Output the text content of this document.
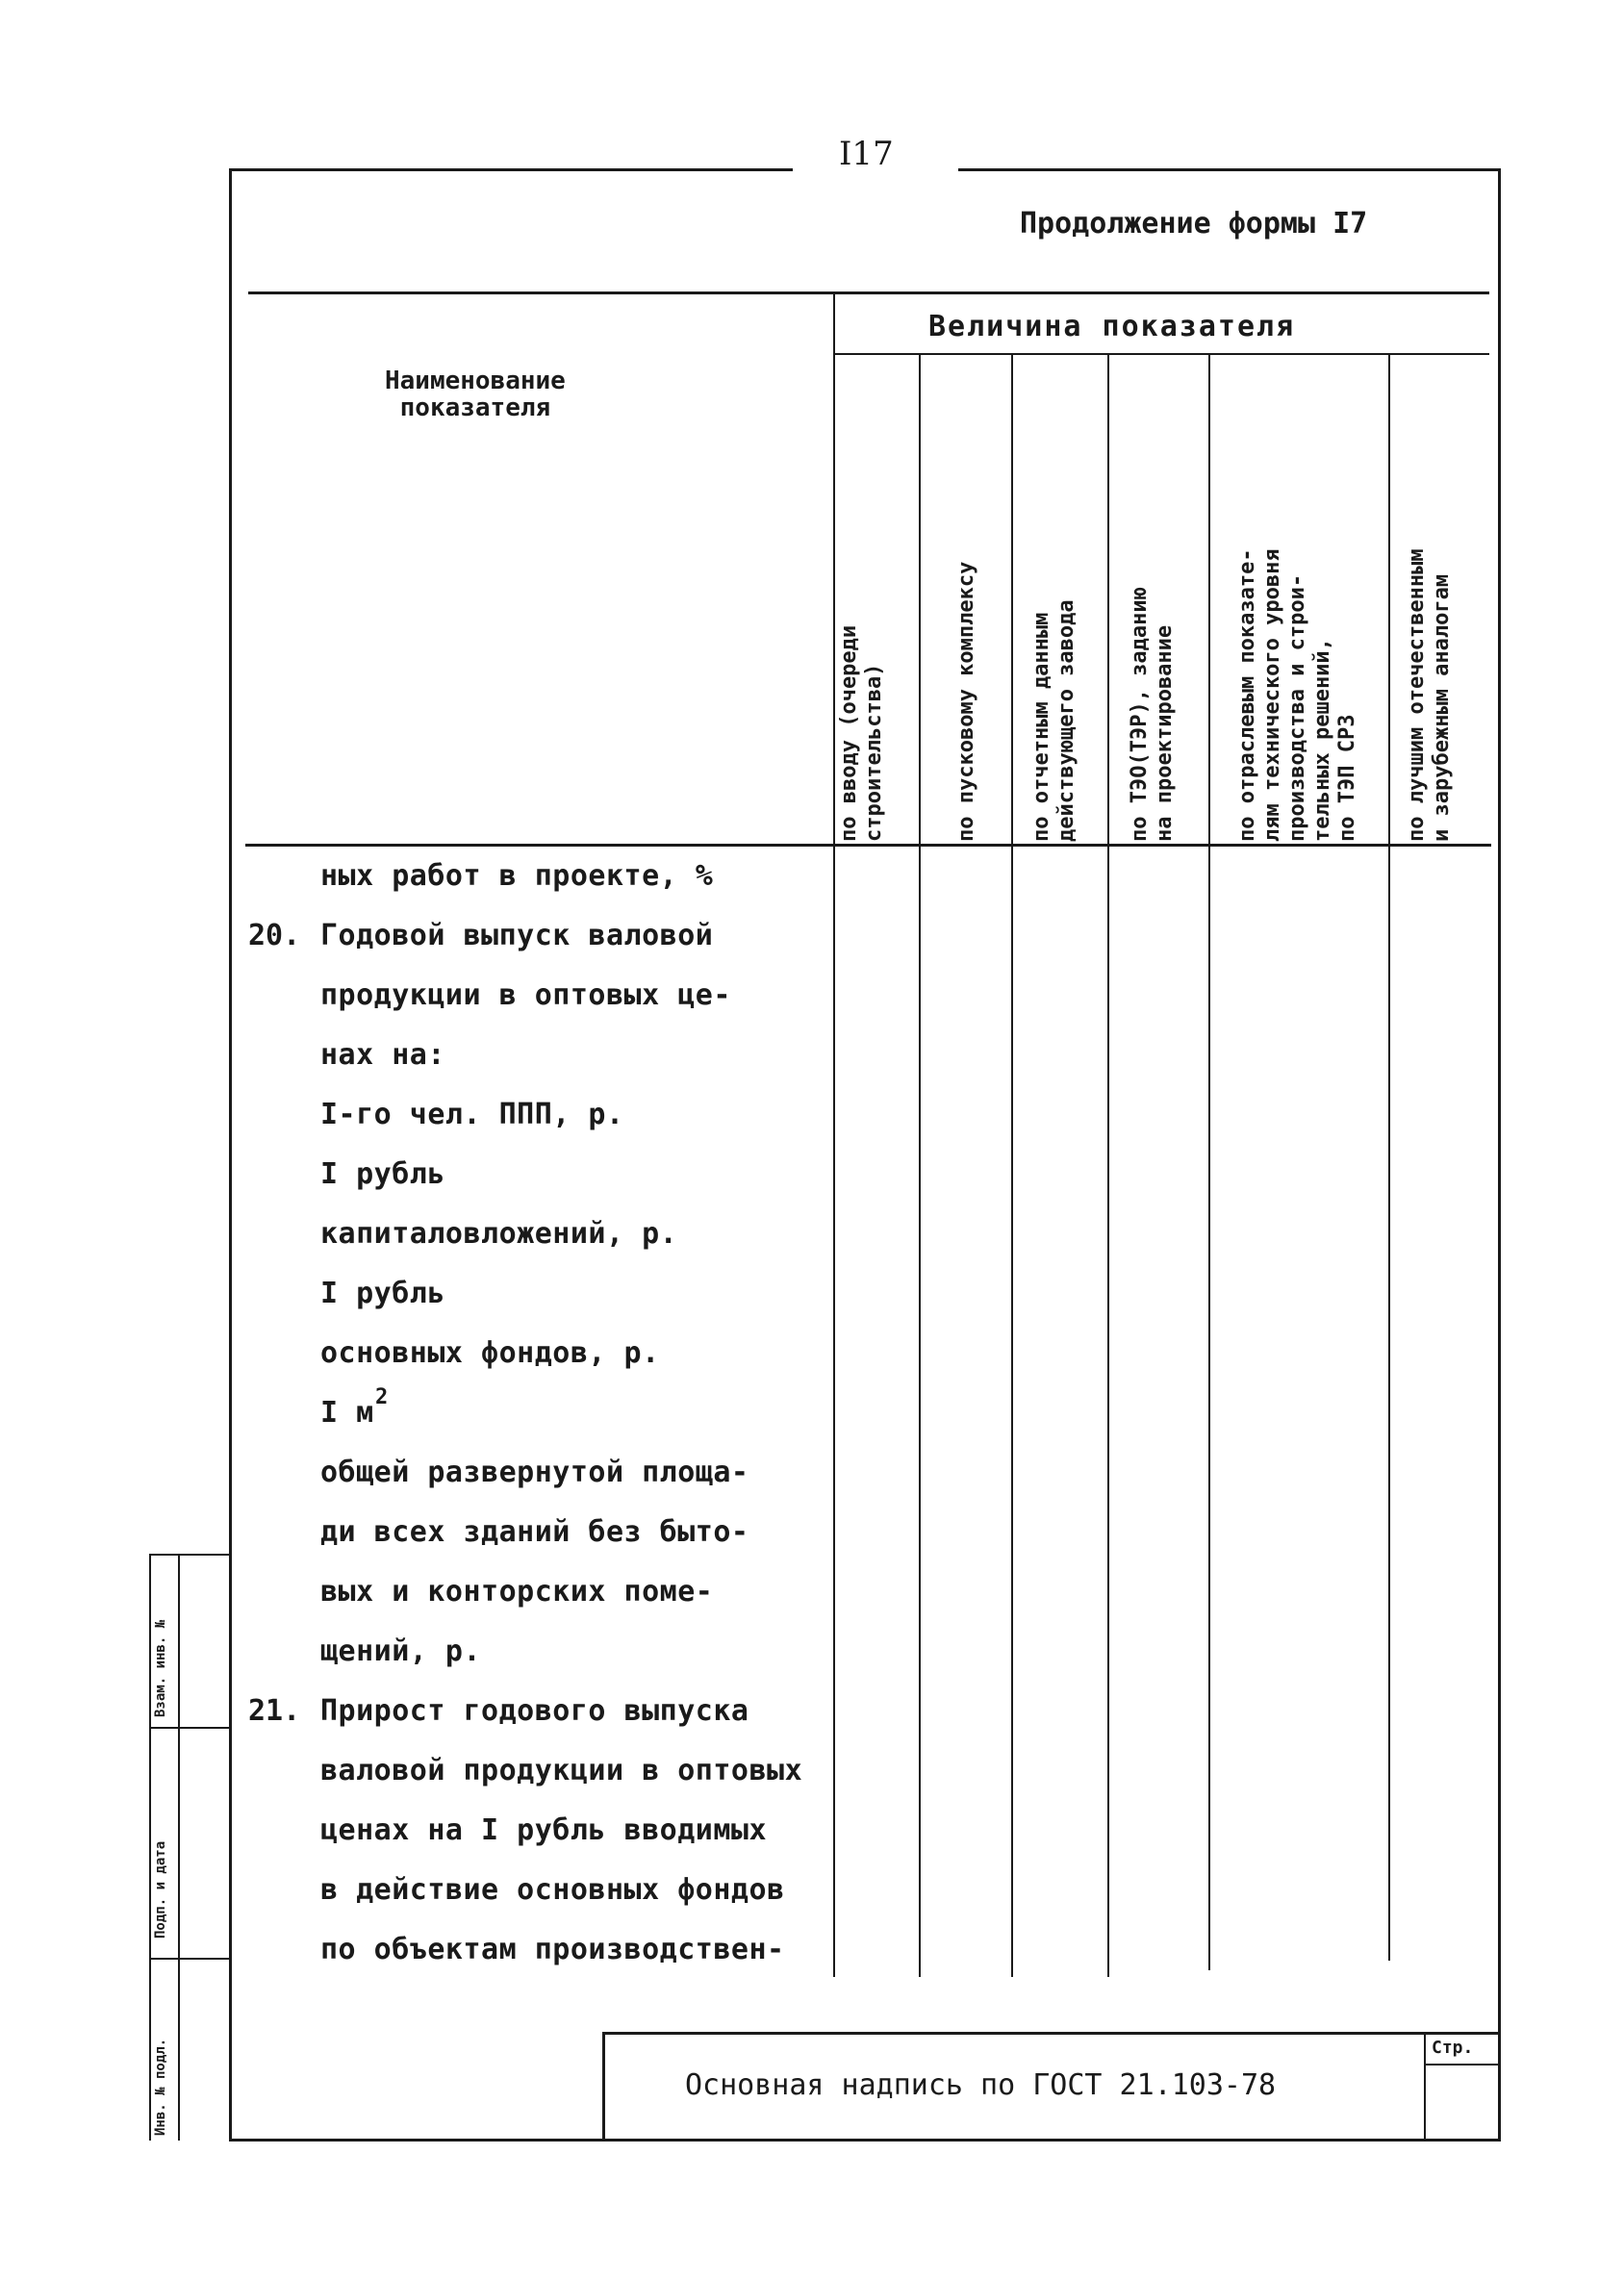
I17
Продолжение формы I7
Наименование
показателя
Величина показателя
по вводу (очереди
строительства)	по пусковому комплексу по отчетным данным
действующего завода
по ТЭО(ТЭР), заданию
на проектирование
по отраслевым показате-
лям технического уровня
производства и строи-
тельных решений,
по ТЭП СРЗ
по лучшим отечественным
и зарубежным аналогам
ных работ в проекте, %
20. Годовой выпуск валовой
продукции в оптовых це-
нах на:
I-го чел. ППП, р.
I рубль
капиталовложений, р.
I рубль
основных фондов, р.
I м 2
общей развернутой площа-
ди всех зданий без быто-
вых и конторских поме-
щений, р.
21. Прирост годового выпуска
валовой продукции в оптовых
ценах на I рубль вводимых
в действие основных фондов
по объектам производствен-
Инв. № подл.
Подп. и дата
Взам. инв. №
Основная надпись по ГОСТ 21.103-78
Стр.
